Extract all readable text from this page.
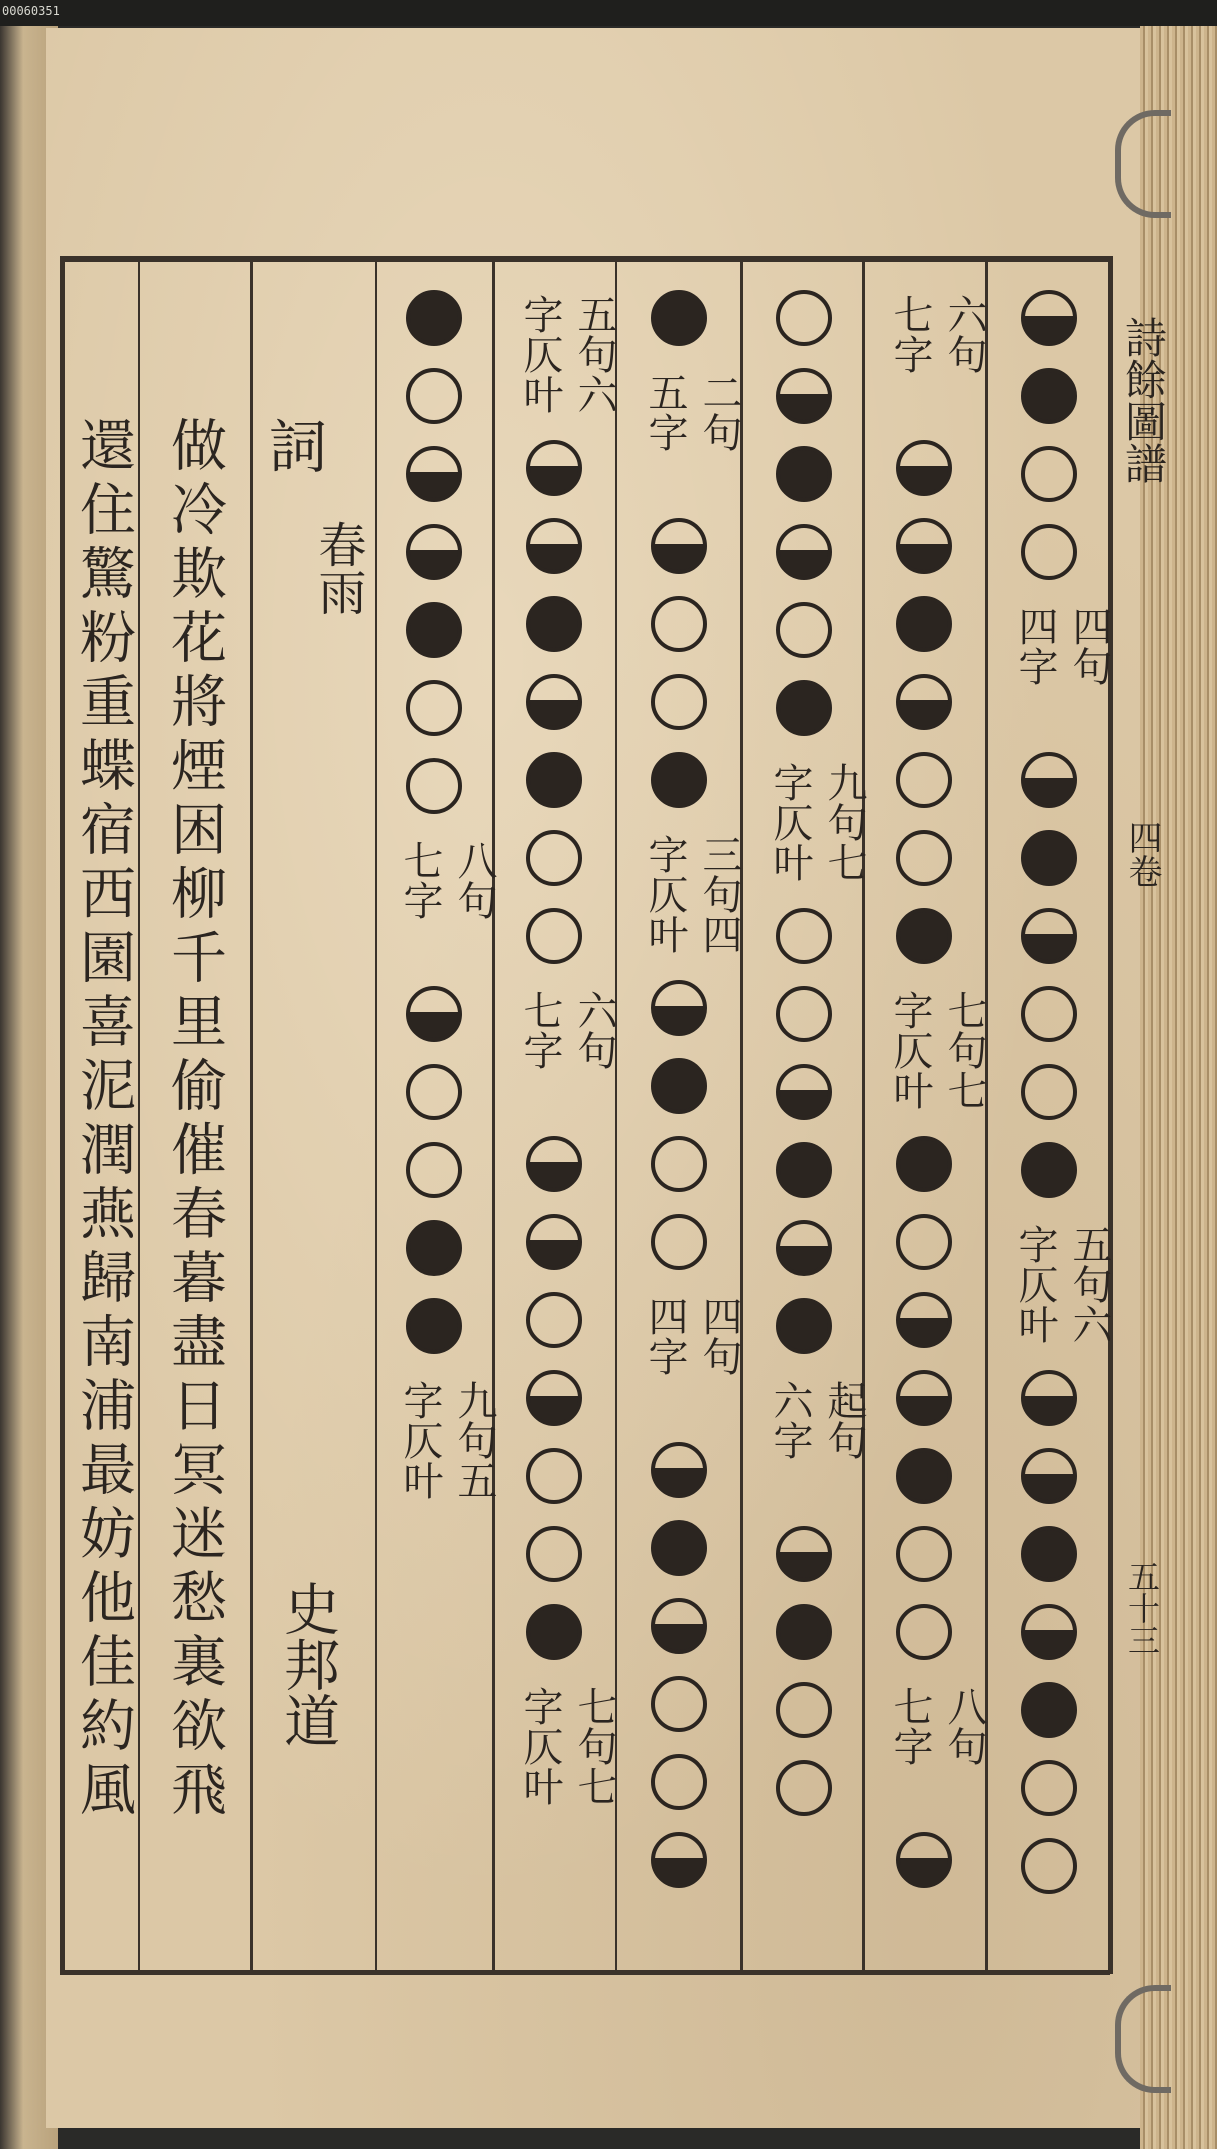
00060351
詩餘圖譜
四卷
五十三
詞
春雨
史邦道
做冷欺花將煙困柳千里偷催春暮盡日冥迷愁裏欲飛
還住驚粉重蝶宿西園喜泥潤燕歸南浦最妨他佳約風	四字 四句
字仄叶 五句六
七字 六句
字仄叶 七句七
七字 八句
字仄叶 九句七
六字 起句
五字 二句
字仄叶 三句四
四字 四句
字仄叶 五句六
七字 六句
字仄叶 七句七
七字 八句
字仄叶 九句五
